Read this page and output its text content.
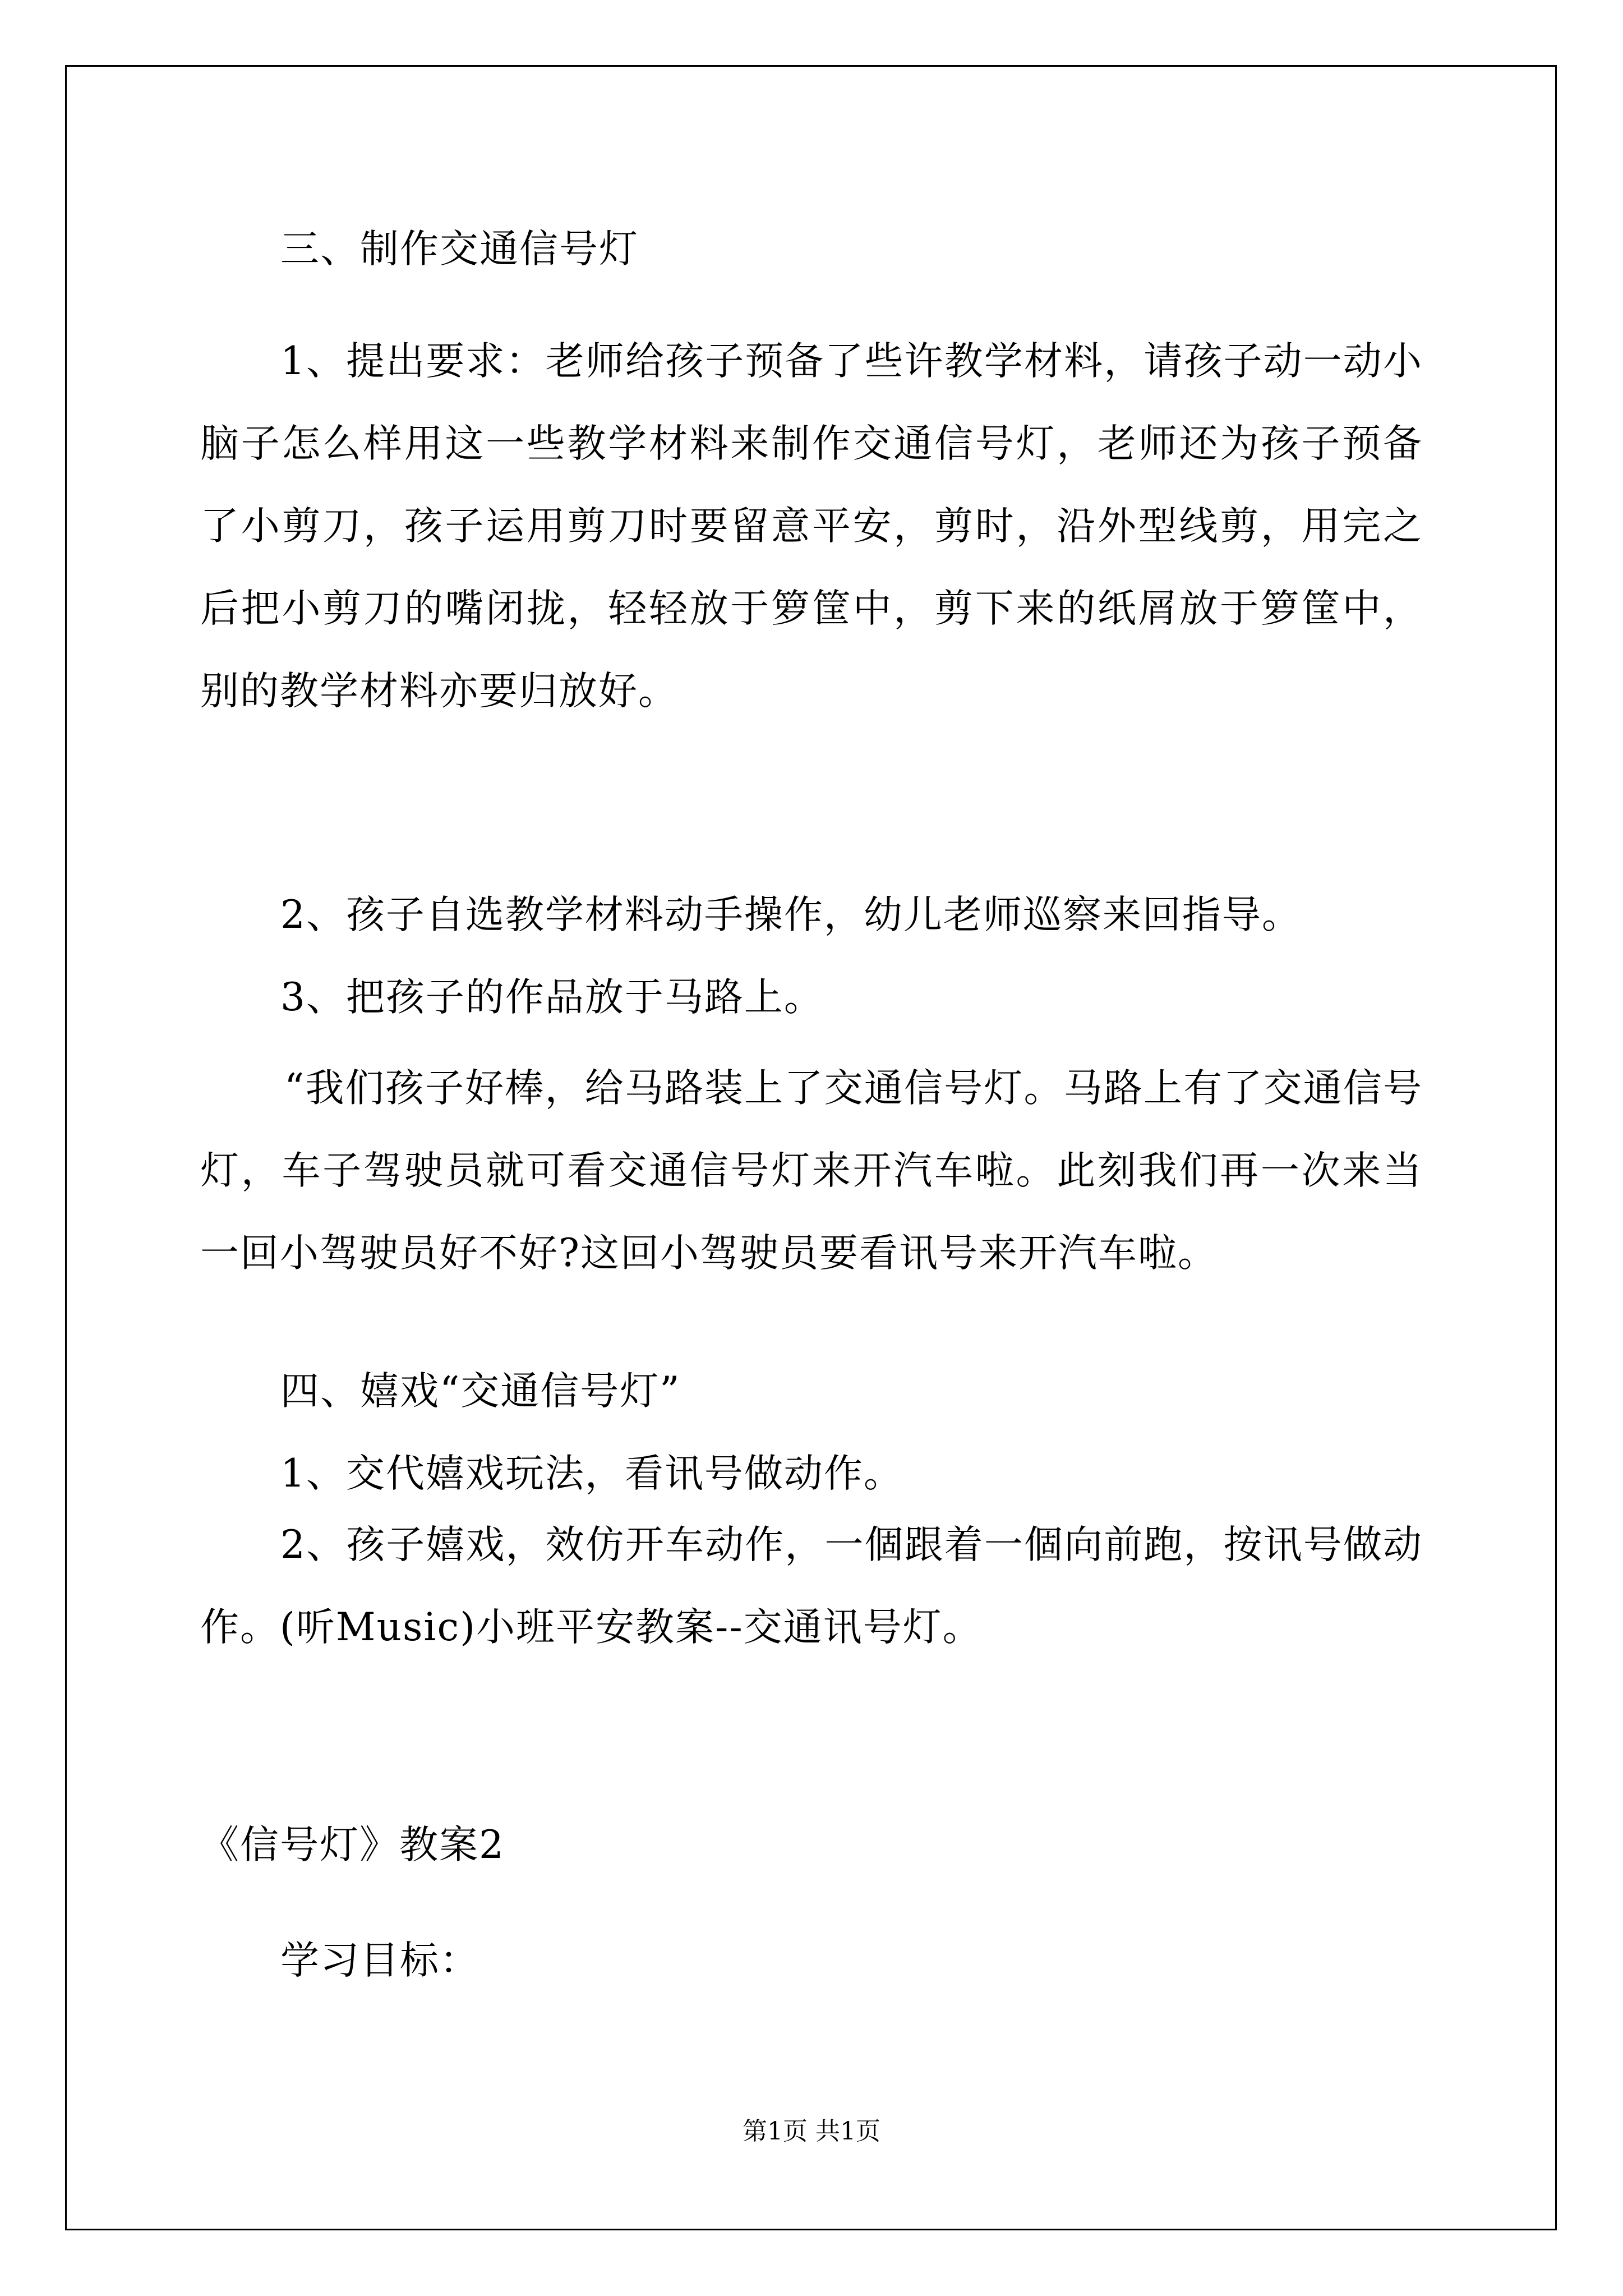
三、制作交通信号灯

1、提出要求：老师给孩子预备了些许教学材料，请孩子动一动小脑子怎么样用这一些教学材料来制作交通信号灯，老师还为孩子预备了小剪刀，孩子运用剪刀时要留意平安，剪时，沿外型线剪，用完之后把小剪刀的嘴闭拢，轻轻放于箩筐中，剪下来的纸屑放于箩筐中，别的教学材料亦要归放好。

2、孩子自选教学材料动手操作，幼儿老师巡察来回指导。

3、把孩子的作品放于马路上。

“我们孩子好棒，给马路装上了交通信号灯。马路上有了交通信号灯，车子驾驶员就可看交通信号灯来开汽车啦。此刻我们再一次来当一回小驾驶员好不好?这回小驾驶员要看讯号来开汽车啦。

四、嬉戏“交通信号灯”

1、交代嬉戏玩法，看讯号做动作。

2、孩子嬉戏，效仿开车动作，一個跟着一個向前跑，按讯号做动作。(听Music)小班平安教案--交通讯号灯。

《信号灯》教案2

学习目标：

第1页 共1页
